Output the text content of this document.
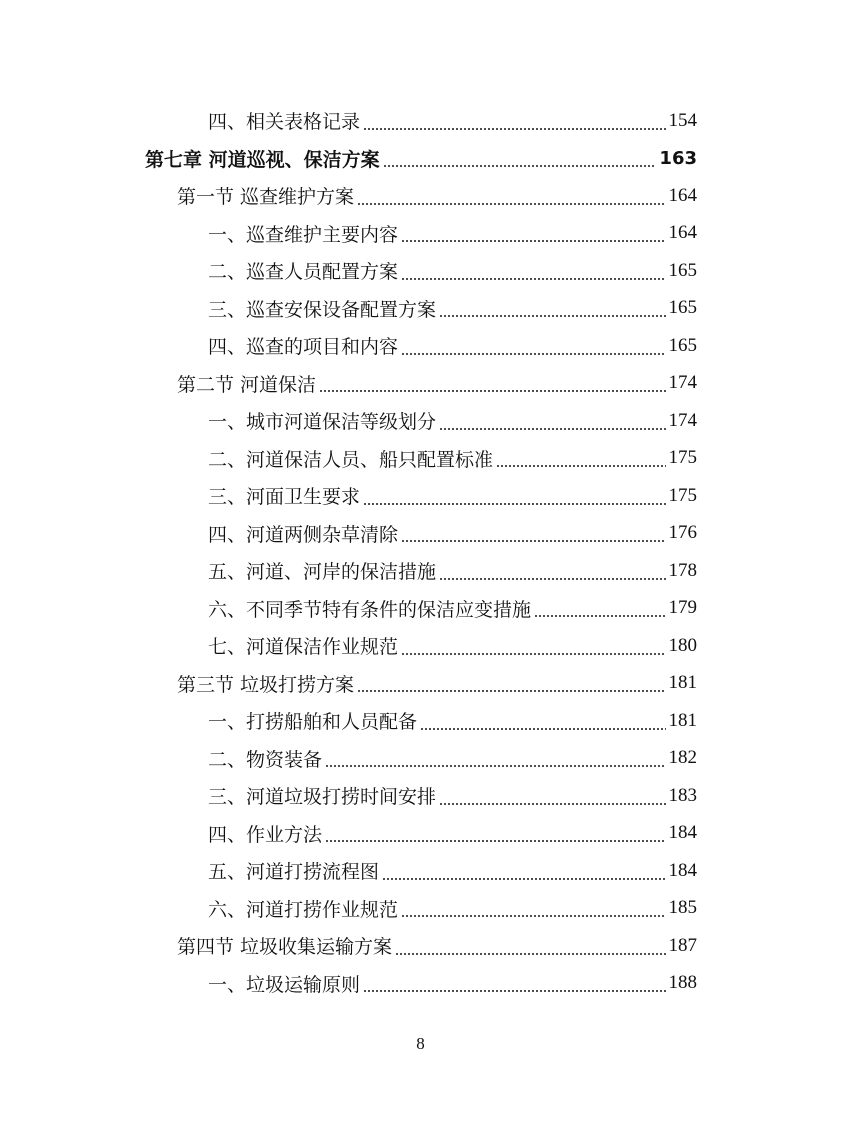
四、相关表格记录	154
第七章 河道巡视、保洁方案	163
第一节 巡查维护方案	164
一、巡查维护主要内容	164
二、巡查人员配置方案	165
三、巡查安保设备配置方案	165
四、巡查的项目和内容	165
第二节 河道保洁	174
一、城市河道保洁等级划分	174
二、河道保洁人员、船只配置标准	175
三、河面卫生要求	175
四、河道两侧杂草清除	176
五、河道、河岸的保洁措施	178
六、不同季节特有条件的保洁应变措施	179
七、河道保洁作业规范	180
第三节 垃圾打捞方案	181
一、打捞船舶和人员配备	181
二、物资装备	182
三、河道垃圾打捞时间安排	183
四、作业方法	184
五、河道打捞流程图	184
六、河道打捞作业规范	185
第四节 垃圾收集运输方案	187
一、垃圾运输原则	188
8
